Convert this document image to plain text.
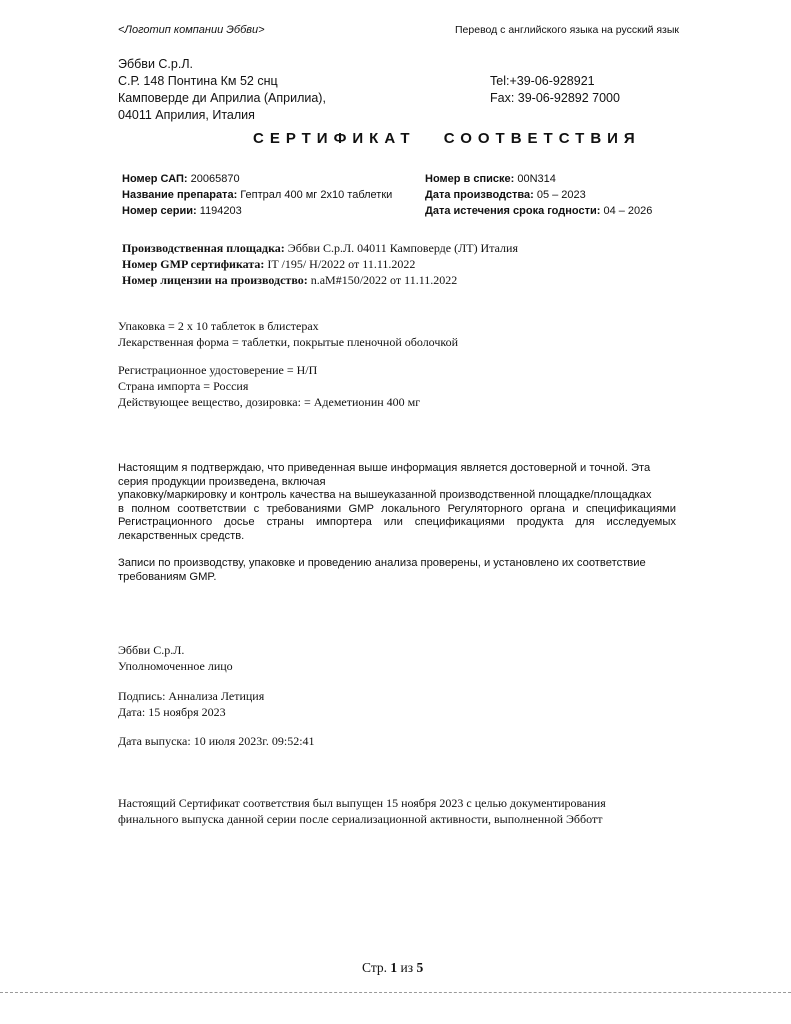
<Логотип компании Эббви>	Перевод с английского языка на русский язык
Эббви С.р.Л.
С.Р. 148 Понтина Км 52 снц
Камповерде ди Априлиа (Априлиа),
04011 Априлия, Италия
Tel:+39-06-928921
Fax: 39-06-92892 7000
СЕРТИФИКАТ СООТВЕТСТВИЯ
Номер САП: 20065870
Название препарата: Гептрал 400 мг 2х10 таблетки
Номер серии: 1194203
Номер в списке: 00N314
Дата производства: 05 – 2023
Дата истечения срока годности: 04 – 2026
Производственная площадка: Эббви С.р.Л. 04011 Камповерде (ЛТ) Италия
Номер GMP сертификата: IT /195/ H/2022 от 11.11.2022
Номер лицензии на производство: n.aM#150/2022 от 11.11.2022
Упаковка = 2 х 10 таблеток в блистерах
Лекарственная форма = таблетки, покрытые пленочной оболочкой
Регистрационное удостоверение = Н/П
Страна импорта = Россия
Действующее вещество, дозировка: = Адеметионин 400 мг
Настоящим я подтверждаю, что приведенная выше информация является достоверной и точной. Эта
серия продукции произведена, включая
упаковку/маркировку и контроль качества на вышеуказанной производственной площадке/площадках
в полном соответствии с требованиями GMP локального Регуляторного органа и спецификациями
Регистрационного досье страны импортера или спецификациями продукта для исследуемых
лекарственных средств.
Записи по производству, упаковке и проведению анализа проверены, и установлено их соответствие
требованиям GMP.
Эббви С.р.Л.
Уполномоченное лицо
Подпись: Аннализа Летиция
Дата: 15 ноября 2023
Дата выпуска: 10 июля 2023г. 09:52:41
Настоящий Сертификат соответствия был выпущен 15 ноября 2023 с целью документирования
финального выпуска данной серии после сериализационной активности, выполненной Эбботт
Стр. 1 из 5
